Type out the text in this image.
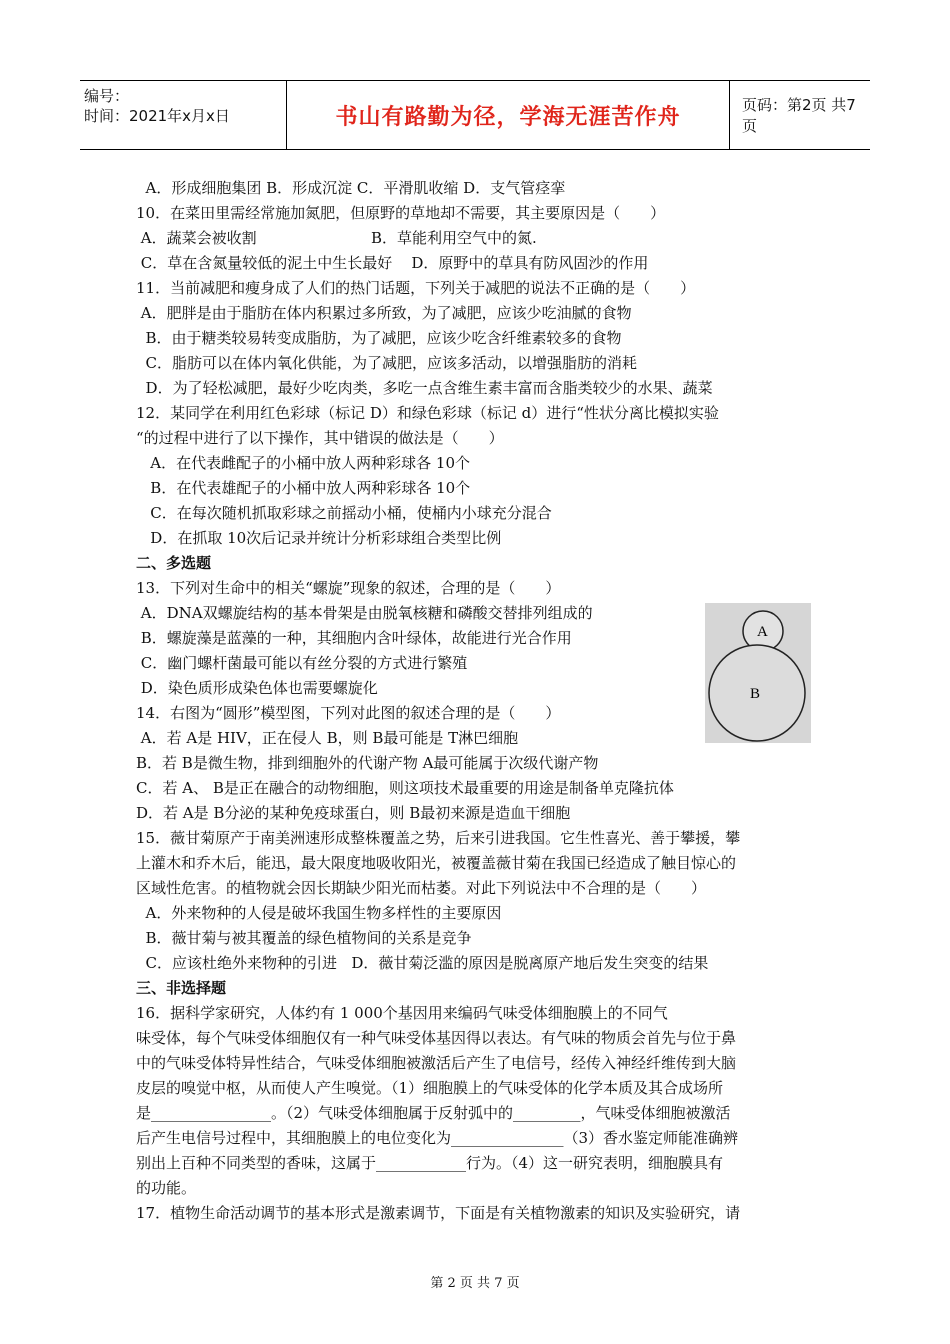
编号：
时间：2021年x月x日	书山有路勤为径，学海无涯苦作舟	页码：第2页 共7页
A．形成细胞集团 B．形成沉淀 C．平滑肌收缩 D．支气管痉挛
10．在菜田里需经常施加氮肥，但原野的草地却不需要，其主要原因是（　　）
A．蔬菜会被收割                        B．草能利用空气中的氮.
C．草在含氮量较低的泥土中生长最好    D．原野中的草具有防风固沙的作用
11．当前减肥和瘦身成了人们的热门话题，下列关于减肥的说法不正确的是（　　）
A．肥胖是由于脂肪在体内积累过多所致，为了减肥，应该少吃油腻的食物
B．由于糖类较易转变成脂肪，为了减肥，应该少吃含纤维素较多的食物
C．脂肪可以在体内氧化供能，为了减肥，应该多活动，以增强脂肪的消耗
D．为了轻松减肥，最好少吃肉类，多吃一点含维生素丰富而含脂类较少的水果、蔬菜
12．某同学在利用红色彩球（标记 D）和绿色彩球（标记 d）进行“性状分离比模拟实验
“的过程中进行了以下操作，其中错误的做法是（　　）
A．在代表雌配子的小桶中放人两种彩球各 10个
B．在代表雄配子的小桶中放人两种彩球各 10个
C．在每次随机抓取彩球之前摇动小桶，使桶内小球充分混合
D．在抓取 10次后记录并统计分析彩球组合类型比例
二、多选题
13．下列对生命中的相关“螺旋”现象的叙述，合理的是（　　）
A．DNA双螺旋结构的基本骨架是由脱氧核糖和磷酸交替排列组成的
B．螺旋藻是蓝藻的一种，其细胞内含叶绿体，故能进行光合作用
C．幽门螺杆菌最可能以有丝分裂的方式进行繁殖
D．染色质形成染色体也需要螺旋化
14．右图为“圆形”模型图，下列对此图的叙述合理的是（　　）
A．若 A是 HIV，正在侵人 B，则 B最可能是 T淋巴细胞
B．若 B是微生物，排到细胞外的代谢产物 A最可能属于次级代谢产物
C．若 A、 B是正在融合的动物细胞，则这项技术最重要的用途是制备单克隆抗体
D．若 A是 B分泌的某种免疫球蛋白，则 B最初来源是造血干细胞
15．薇甘菊原产于南美洲速形成整株覆盖之势，后来引进我国。它生性喜光、善于攀援，攀
上灌木和乔木后，能迅，最大限度地吸收阳光，被覆盖薇甘菊在我国已经造成了触目惊心的
区域性危害。的植物就会因长期缺少阳光而枯萎。对此下列说法中不合理的是（　　）
A．外来物种的人侵是破坏我国生物多样性的主要原因
B．薇甘菊与被其覆盖的绿色植物间的关系是竞争
C．应该杜绝外来物种的引进   D．薇甘菊泛滥的原因是脱离原产地后发生突变的结果
三、非选择题
16．据科学家研究，人体约有 1 000个基因用来编码气味受体细胞膜上的不同气
味受体，每个气味受体细胞仅有一种气味受体基因得以表达。有气味的物质会首先与位于鼻
中的气味受体特异性结合，气味受体细胞被激活后产生了电信号，经传入神经纤维传到大脑
皮层的嗅觉中枢，从而使人产生嗅觉。（1）细胞膜上的气味受体的化学本质及其合成场所
是________________。（2）气味受体细胞属于反射弧中的_________，气味受体细胞被激活
后产生电信号过程中，其细胞膜上的电位变化为_______________（3）香水鉴定师能准确辨
别出上百种不同类型的香味，这属于____________行为。（4）这一研究表明，细胞膜具有
的功能。
17．植物生命活动调节的基本形式是激素调节，下面是有关植物激素的知识及实验研究，请
A
B
第 2 页 共 7 页
